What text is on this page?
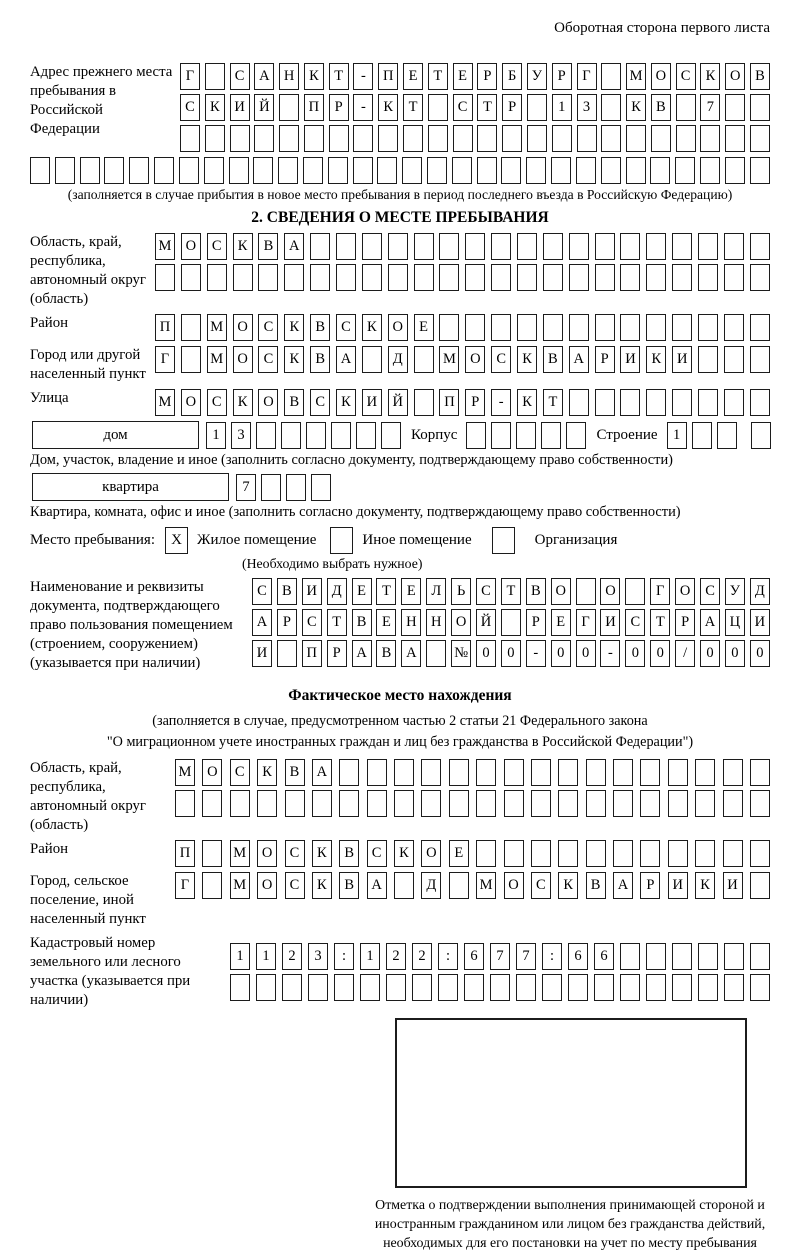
Оборотная сторона первого листа
Адрес прежнего места пребывания в Российской Федерации
Г	С	А Н	К	Т	-	П	Е	Т	Е	Р	Б	У	Р	Г	М О	С	К	О	В
С	К	И Й	П	Р	-	К	Т	С	Т	Р	1	3	К	В	7
(заполняется в случае прибытия в новое место пребывания в период последнего въезда в Российскую Федерацию)
2. СВЕДЕНИЯ О МЕСТЕ ПРЕБЫВАНИЯ
Область, край, республика, автономный округ (область)
М О	С	К	В	А
Район	П	М О	С	К	В	С	К	О	Е
Город или другой населенный пункт
Г	М О	С	К	В	А	Д	М О	С	К	В	А	Р	И	К	И
Улица	М О	С	К	О	В	С	К	И	Й	П	Р	-	К	Т
дом	1	3	Корпус	Строение	1
Дом, участок, владение и иное (заполнить согласно документу, подтверждающему право собственности)
квартира	7
Квартира, комната, офис и иное (заполнить согласно документу, подтверждающему право собственности)
Место пребывания:	X	Жилое помещение	Иное помещение	Организация
(Необходимо выбрать нужное)
Наименование и реквизиты документа, подтверждающего право пользования помещением (строением, сооружением) (указывается при наличии)
С	В	И	Д	Е	Т	Е	Л	Ь	С	Т	В	О	О	Г	О	С	У	Д
А	Р	С	Т	В	Е	Н Н О Й	Р	Е	Г	И	С	Т	Р	А Ц И
И	П	Р	А	В	А	№ 0	0	-	0	0	-	0	0	/	0	0	0
Фактическое место нахождения
(заполняется в случае, предусмотренном частью 2 статьи 21 Федерального закона
"О миграционном учете иностранных граждан и лиц без гражданства в Российской Федерации")
Область, край, республика, автономный округ (область)
М	О	С	К	В	А
Район	П	М	О	С	К	В	С	К	О	Е
Город, сельское поселение, иной населенный пункт
Г	М	О	С	К	В	А	Д	М	О	С	К	В	А	Р	И	К	И
Кадастровый номер земельного или лесного участка (указывается при наличии)
1	1	2	3	:	1	2	2	:	6	7	7	:	6	6
Отметка о подтверждении выполнения принимающей стороной и иностранным гражданином или лицом без гражданства действий, необходимых для его постановки на учет по месту пребывания
